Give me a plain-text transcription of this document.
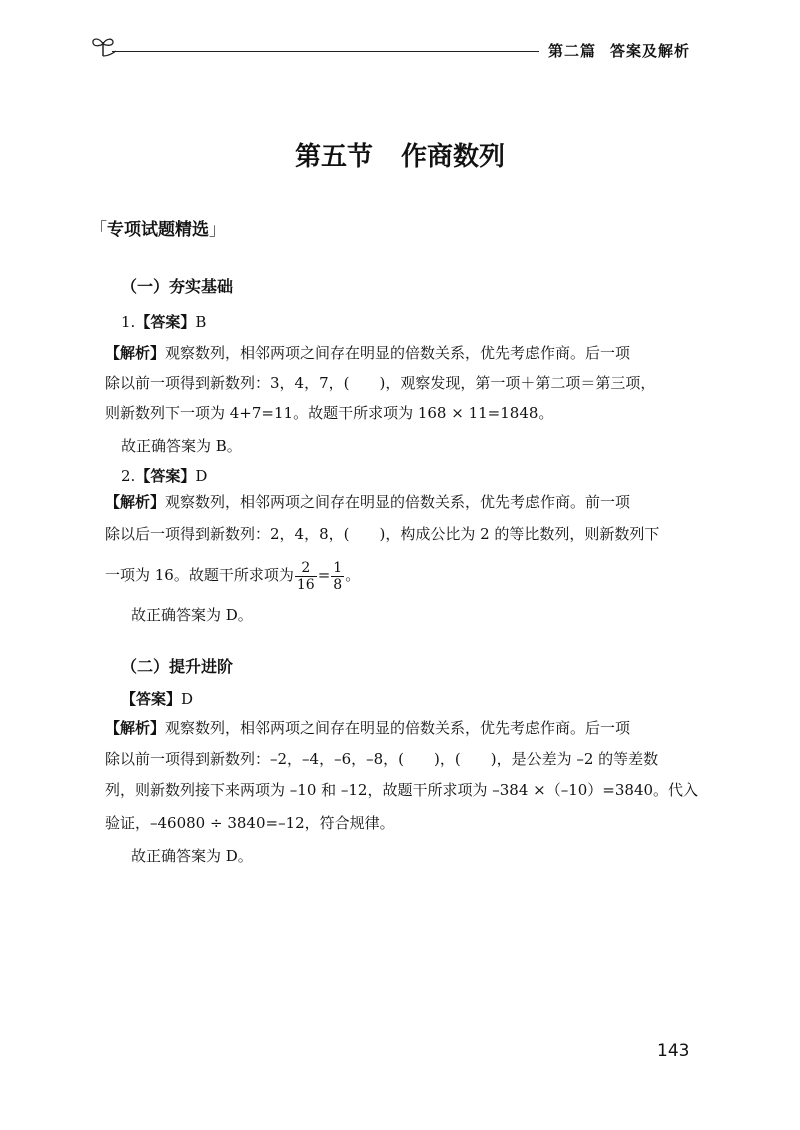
第二篇 答案及解析
第五节 作商数列
「专项试题精选」
（一）夯实基础
1.【答案】B
【解析】观察数列，相邻两项之间存在明显的倍数关系，优先考虑作商。后一项
除以前一项得到新数列：3，4，7，(　　)，观察发现，第一项＋第二项＝第三项，
则新数列下一项为 4+7=11。故题干所求项为 168 × 11=1848。
故正确答案为 B。
2.【答案】D
【解析】观察数列，相邻两项之间存在明显的倍数关系，优先考虑作商。前一项
除以后一项得到新数列：2，4，8，(　　)，构成公比为 2 的等比数列，则新数列下
一项为 16。故题干所求项为 $\frac{2}{16} = \frac{1}{8}$ 。
故正确答案为 D。
（二）提升进阶
【答案】D
【解析】观察数列，相邻两项之间存在明显的倍数关系，优先考虑作商。后一项
除以前一项得到新数列：–2，–4，–6，–8，(　　)，(　　)，是公差为 –2 的等差数
列，则新数列接下来两项为 –10 和 –12，故题干所求项为 –384 ×（–10）=3840。代入
验证，–46080 ÷ 3840=–12，符合规律。
故正确答案为 D。
143
